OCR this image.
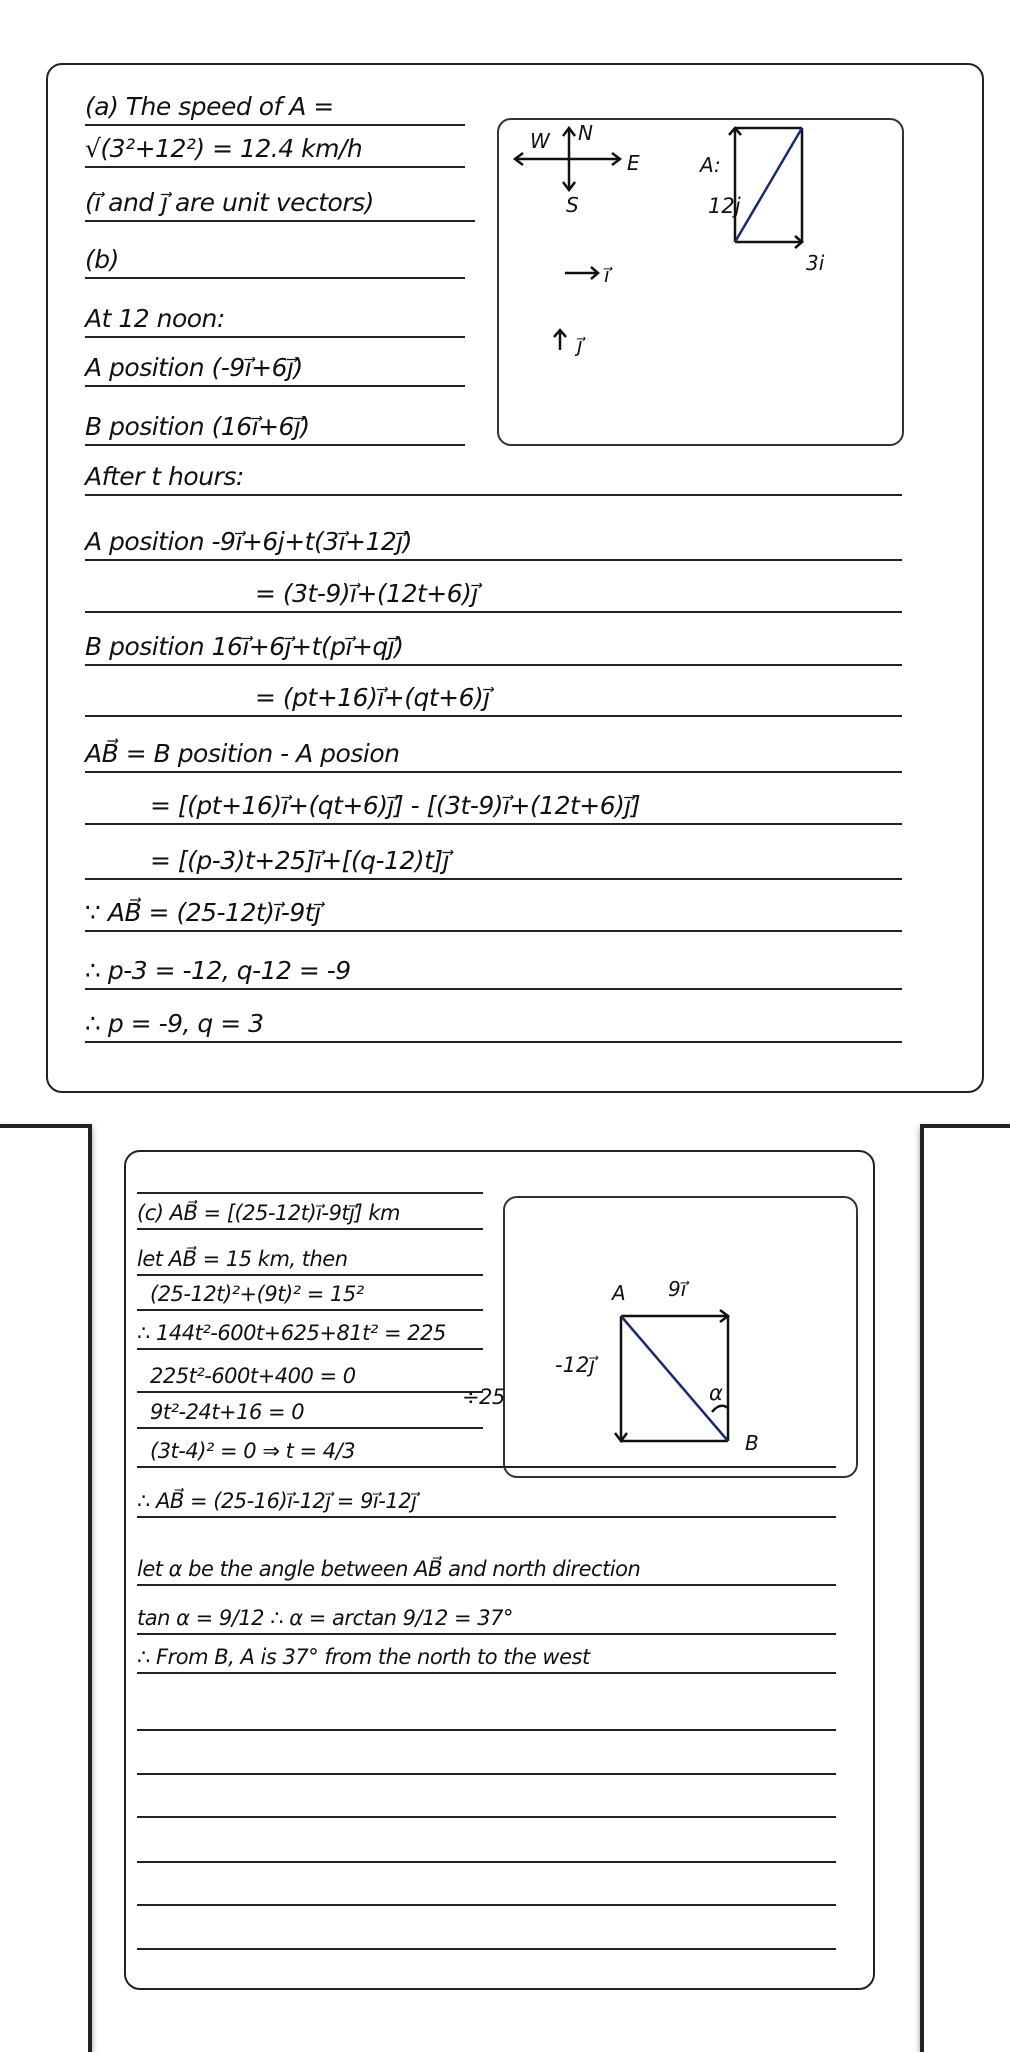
N
E
S
W
A:
12j
3i
i⃗
j⃗
(a) The speed of A =
√(3²+12²) = 12.4 km/h
(i⃗ and j⃗ are unit vectors)
(b)
At 12 noon:
A position (-9i⃗+6j⃗)
B position (16i⃗+6j⃗)
After t hours:
A position -9i⃗+6j+t(3i⃗+12j⃗)
= (3t-9)i⃗+(12t+6)j⃗
B position 16i⃗+6j⃗+t(pi⃗+qj⃗)
= (pt+16)i⃗+(qt+6)j⃗
AB⃗ = B position - A posion
= [(pt+16)i⃗+(qt+6)j⃗] - [(3t-9)i⃗+(12t+6)j⃗]
= [(p-3)t+25]i⃗+[(q-12)t]j⃗
∵ AB⃗ = (25-12t)i⃗-9tj⃗
∴ p-3 = -12, q-12 = -9
∴ p = -9, q = 3
A 9i⃗
-12j⃗
α
B
(c) AB⃗ = [(25-12t)i⃗-9tj⃗] km
let AB⃗ = 15 km, then
(25-12t)²+(9t)² = 15²
∴ 144t²-600t+625+81t² = 225
225t²-600t+400 = 0
÷25
9t²-24t+16 = 0
(3t-4)² = 0 ⇒ t = 4/3
∴ AB⃗ = (25-16)i⃗-12j⃗ = 9i⃗-12j⃗
let α be the angle between AB⃗ and north direction
tan α = 9/12 ∴ α = arctan 9/12 = 37°
∴ From B, A is 37° from the north to the west
